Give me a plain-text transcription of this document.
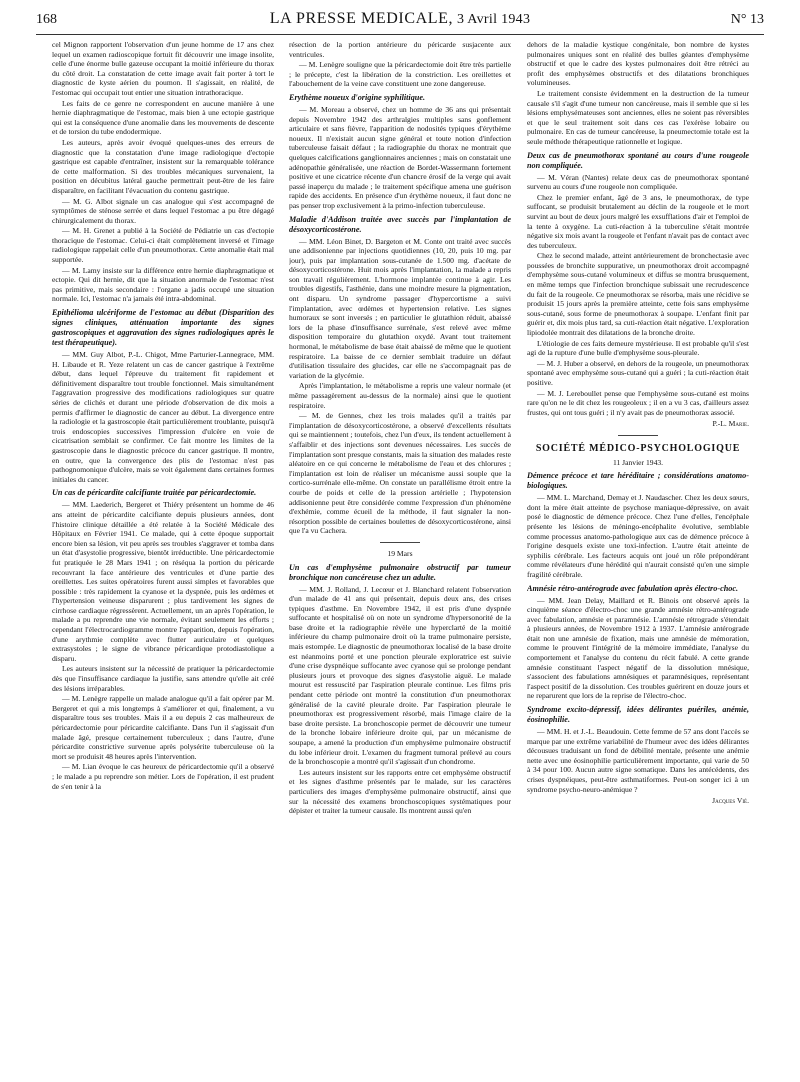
168	LA PRESSE MEDICALE, 3 Avril 1943	N° 13

cel Mignon rapportent l'observation d'un jeune homme de 17 ans chez lequel un examen radioscopique fortuit fit découvrir une image insolite, celle d'une énorme bulle gazeuse occupant la moitié inférieure du thorax du côté droit. La constatation de cette image avait fait porter à tort le diagnostic de kyste aérien du poumon. Il s'agissait, en réalité, de l'estomac qui occupait tout entier une situation intrathoracique.

Les faits de ce genre ne correspondent en aucune manière à une hernie diaphragmatique de l'estomac, mais bien à une ectopie gastrique qui est la conséquence d'une anomalie dans les mouvements de descente et de torsion du tube endodermique.

Les auteurs, après avoir évoqué quelques-unes des erreurs de diagnostic que la constatation d'une image radiologique d'ectopie gastrique est capable d'entraîner, insistent sur la remarquable tolérance de cette malformation. Si des troubles mécaniques survenaient, la position en décubitus latéral gauche permettrait peut-être de les faire disparaître, en facilitant l'évacuation du contenu gastrique.

— M. G. Albot signale un cas analogue qui s'est accompagné de symptômes de sténose serrée et dans lequel l'estomac a pu être dégagé chirurgicalement du thorax.

— M. H. Grenet a publié à la Société de Pédiatrie un cas d'ectopie thoracique de l'estomac. Celui-ci était complètement inversé et l'image radiologique rappelait celle d'un pneumothorax. Cette anomalie était mal supportée.

— M. Lamy insiste sur la différence entre hernie diaphragmatique et ectopie. Qui dit hernie, dit que la situation anormale de l'estomac n'est pas primitive, mais secondaire : l'organe a jadis occupé une situation normale. Ici, l'estomac n'a jamais été intra-abdominal.

Epithélioma ulcériforme de l'estomac au début (Disparition des signes cliniques, atténuation importante des signes gastroscopiques et aggravation des signes radiologiques après le test thérapeutique).

— MM. Guy Albot, P.-L. Chigot, Mme Parturier-Lannegrace, MM. H. Libaude et R. Yeze relatent un cas de cancer gastrique à l'extrême début, dans lequel l'épreuve du traitement fit rapidement et définitivement disparaître tout trouble fonctionnel. Mais simultanément l'aggravation progressive des modifications radiologiques sur quatre séries de clichés et durant une période d'observation de dix mois a permis d'affirmer le diagnostic de cancer au début. La divergence entre la radiologie et la gastroscopie était particulièrement troublante, puisqu'à trois endoscopies successives l'impression d'ulcère en voie de cicatrisation semblait se confirmer. Ce fait montre les limites de la gastroscopie dans le diagnostic précoce du cancer gastrique. Il montre, en outre, que la convergence des plis de l'estomac n'est pas pathognomonique d'ulcère, mais se voit également dans certaines formes initiales du cancer.

Un cas de péricardite calcifiante traitée par péricardectomie.

— MM. Laederich, Bergeret et Thiéry présentent un homme de 46 ans atteint de péricardite calcifiante depuis plusieurs années, dont l'histoire clinique détaillée a été relatée à la Société Médicale des Hôpitaux en Février 1941. Ce malade, qui à cette époque supportait encore bien sa lésion, vit peu après ses troubles s'aggraver et tomba dans un état d'asystolie progressive, bientôt irréductible. Une péricardectomie fut pratiquée le 28 Mars 1941 ; on réséqua la portion du péricarde recouvrant la face antérieure des ventricules et d'une partie des oreillettes. Les suites opératoires furent aussi simples et favorables que possible : très rapidement la cyanose et la dyspnée, puis les œdèmes et l'hypertension veineuse disparurent ; plus tardivement les signes de cirrhose cardiaque régressèrent. Actuellement, un an après l'opération, le malade a pu reprendre une vie normale, évitant seulement les efforts ; cependant l'électrocardiogramme montre l'apparition, depuis l'opération, d'une arythmie complète avec flutter auriculaire et quelques extrasystoles ; le signe de vibrance péricardique protodiastolique a disparu.

Les auteurs insistent sur la nécessité de pratiquer la péricardectomie dès que l'insuffisance cardiaque la justifie, sans attendre qu'elle ait créé des lésions irréparables.

— M. Lenègre rappelle un malade analogue qu'il a fait opérer par M. Bergeret et qui a mis longtemps à s'améliorer et qui, finalement, a vu disparaître tous ses troubles. Mais il a eu depuis 2 cas malheureux de péricardectomie pour péricardite calcifiante. Dans l'un il s'agissait d'un malade âgé, presque certainement tuberculeux ; dans l'autre, d'une péricardite constrictive survenue après polysérite tuberculeuse où la mort se produisit 48 heures après l'intervention.

— M. Lian évoque le cas heureux de péricardectomie qu'il a observé ; le malade a pu reprendre son métier. Lors de l'opération, il est prudent de s'en tenir à la

résection de la portion antérieure du péricarde susjacente aux ventricules.

— M. Lenègre souligne que la péricardectomie doit être très partielle ; le précepte, c'est la libération de la constriction. Les oreillettes et l'abouchement de la veine cave constituent une zone dangereuse.

Erythème noueux d'origine syphilitique.

— M. Moreau a observé, chez un homme de 36 ans qui présentait depuis Novembre 1942 des arthralgies multiples sans gonflement articulaire et sans fièvre, l'apparition de nodosités typiques d'érythème noueux. Il n'existait aucun signe général et toute notion d'infection tuberculeuse faisait défaut ; la radiographie du thorax ne montrait que quelques calcifications ganglionnaires anciennes ; mais on constatait une adénopathie généralisée, une réaction de Bordet-Wassermann fortement positive et une cicatrice récente d'un chancre érosif de la verge qui avait passé inaperçu du malade ; le traitement spécifique amena une guérison rapide des accidents. En présence d'un érythème noueux, il faut donc ne pas penser trop exclusivement à la primo-infection tuberculeuse.

Maladie d'Addison traitée avec succès par l'implantation de désoxycorticostérone.

— MM. Léon Binet, D. Bargeton et M. Conte ont traité avec succès une addisonienne par injections quotidiennes (10, 20, puis 10 mg. par jour), puis par implantation sous-cutanée de 1.500 mg. d'acétate de désoxycorticostérone. Huit mois après l'implantation, la malade a repris son travail régulièrement. L'hormone implantée continue à agir. Les troubles digestifs, l'asthénie, dans une moindre mesure la pigmentation, ont disparu. Un syndrome passager d'hypercortisme a suivi l'implantation, avec œdèmes et hypertension relative. Les signes humoraux se sont inversés ; en particulier le glutathion réduit, abaissé lors de la phase d'insuffisance surrénale, s'est relevé avec même disposition temporaire du glutathion oxydé. Avant tout traitement hormonal, le métabolisme de base était abaissé de même que le quotient respiratoire. La baisse de ce dernier semblait traduire un défaut d'utilisation tissulaire des glucides, car elle ne s'accompagnait pas de variation de la glycémie.

Après l'implantation, le métabolisme a repris une valeur normale (et même passagèrement au-dessus de la normale) ainsi que le quotient respiratoire.

— M. de Gennes, chez les trois malades qu'il a traités par l'implantation de désoxycorticostérone, a observé d'excellents résultats qui se maintiennent ; toutefois, chez l'un d'eux, ils tendent actuellement à s'affaiblir et des injections sont devenues nécessaires. Les succès de l'implantation sont presque constants, mais la situation des malades reste aléatoire en ce qui concerne le métabolisme de l'eau et des chlorures ; l'implantation est loin de réaliser un mécanisme aussi souple que la cortico-surrénale elle-même. On constate un parallélisme étroit entre la courbe de poids et celle de la pression artérielle ; l'hypotension addisonienne peut être considérée comme l'expression d'un phénomène d'exhémie, comme écueil de la méthode, il faut signaler la non-résorption possible de certaines boulettes de désoxycorticostérone, ainsi que l'a vu Cachera.

19 Mars

Un cas d'emphysème pulmonaire obstructif par tumeur bronchique non cancéreuse chez un adulte.

— MM. J. Rolland, J. Lecœur et J. Blanchard relatent l'observation d'un malade de 41 ans qui présentait, depuis deux ans, des crises typiques d'asthme. En Novembre 1942, il est pris d'une dyspnée suffocante et hospitalisé où on note un syndrome d'hypersonorité de la base droite et la radiographie révèle une hyperclarté de la moitié inférieure du champ pulmonaire droit où la trame pulmonaire persiste, mais estompée. Le diagnostic de pneumothorax localisé de la base droite est néanmoins porté et une ponction pleurale exploratrice est suivie d'une crise dyspnéique suffocante avec cyanose qui se prolonge pendant plusieurs jours et provoque des signes d'asystolie aiguë. Le malade mourut est ressuscité par l'aspiration pleurale continue. Les films pris pendant cette période ont montré la constitution d'un pneumothorax généralisé de la cavité pleurale droite. Par l'aspiration pleurale le pneumothorax est progressivement résorbé, mais l'image claire de la base droite persiste. La bronchoscopie permet de découvrir une tumeur de la bronche lobaire inférieure droite qui, par un mécanisme de soupape, a amené la production d'un emphysème pulmonaire obstructif du lobe inférieur droit. L'examen du fragment tumoral prélevé au cours de la bronchoscopie a montré qu'il s'agissait d'un chondrome.

Les auteurs insistent sur les rapports entre cet emphysème obstructif et les signes d'asthme présentés par le malade, sur les caractères particuliers des images d'emphysème pulmonaire obstructif, ainsi que sur la nécessité des examens bronchoscopiques systématiques pour dépister et traiter la tumeur causale. Ils montrent aussi qu'en

dehors de la maladie kystique congénitale, bon nombre de kystes pulmonaires uniques sont en réalité des bulles géantes d'emphysème obstructif et que le cadre des kystes pulmonaires doit être rétréci au profit des emphysèmes obstructifs et des dilatations bronchiques volumineuses.

Le traitement consiste évidemment en la destruction de la tumeur causale s'il s'agit d'une tumeur non cancéreuse, mais il semble que si les lésions emphysémateuses sont anciennes, elles ne soient pas réversibles et que le seul traitement soit dans ces cas l'exérèse lobaire ou pulmonaire. En cas de tumeur cancéreuse, la pneumectomie totale est la seule méthode thérapeutique rationnelle et logique.

Deux cas de pneumothorax spontané au cours d'une rougeole non compliquée.

— M. Véran (Nantes) relate deux cas de pneumothorax spontané survenu au cours d'une rougeole non compliquée.

Chez le premier enfant, âgé de 3 ans, le pneumothorax, de type suffocant, se produisit brutalement au déclin de la rougeole et le mort survint au bout de deux jours malgré les exsufflations d'air et l'emploi de la tente à oxygène. La cuti-réaction à la tuberculine s'était montrée négative six mois avant la rougeole et l'enfant n'avait pas de contact avec des tuberculeux.

Chez le second malade, atteint antérieurement de bronchectasie avec poussées de bronchite suppurative, un pneumothorax droit accompagné d'emphysème sous-cutané volumineux et diffus se montra brusquement, en même temps que l'infection bronchique subissait une recrudescence du fait de la rougeole. Ce pneumothorax se résorba, mais une récidive se produisit 15 jours après la première atteinte, cette fois sans emphysème sous-cutané, sous forme de pneumothorax à soupape. L'enfant finit par guérir et, dix mois plus tard, sa cuti-réaction était négative. L'exploration lipiodolée montrait des dilatations de la bronche droite.

L'étiologie de ces faits demeure mystérieuse. Il est probable qu'il s'est agi de la rupture d'une bulle d'emphysème sous-pleurale.

— M. J. Huber a observé, en dehors de la rougeole, un pneumothorax spontané avec emphysème sous-cutané qui a guéri ; la cuti-réaction était positive.

— M. J. Lereboullet pense que l'emphysème sous-cutané est moins rare qu'on ne le dit chez les rougeoleux ; il en a vu 3 cas, d'ailleurs assez frustes, qui ont tous guéri ; il n'y avait pas de pneumothorax associé.

P.-L. Marie.

SOCIÉTÉ MÉDICO-PSYCHOLOGIQUE

11 Janvier 1943.

Démence précoce et tare héréditaire ; considérations anatomo-biologiques.

— MM. L. Marchand, Demay et J. Naudascher. Chez les deux sœurs, dont la mère était atteinte de psychose maniaque-dépressive, on avait posé le diagnostic de démence précoce. Chez l'une d'elles, l'encéphale présente les lésions de méningo-encéphalite évolutive, semblable comme processus anatomo-pathologique aux cas de démence précoce à l'origine desquels existe une toxi-infection. L'autre était atteinte de syphilis cérébrale. Les facteurs acquis ont joué un rôle prépondérant comme révélateurs d'une hérédité qui n'aurait consisté qu'en une simple fragilité cérébrale.

Amnésie rétro-antérograde avec fabulation après électro-choc.

— MM. Jean Delay, Maillard et R. Binois ont observé après la cinquième séance d'électro-choc une grande amnésie rétro-antérograde avec fabulation, amnésie et paramnésie. L'amnésie rétrograde s'étendait à plusieurs années, de Novembre 1912 à 1937. L'amnésie antérograde était non une amnésie de fixation, mais une amnésie de mémoration, comme le prouvent l'intégrité de la mémoire immédiate, l'analyse du comportement et l'analyse du contenu du récit fabulé. A cette grande amnésie constituant l'aspect négatif de la dissolution mnésique, s'associent des fabulations amnésiques et paramnésiques, représentant l'aspect positif de la dissolution. Ces troubles guérirent en douze jours et ne reparurent que lors de la reprise de l'électro-choc.

Syndrome excito-dépressif, idées délirantes puériles, anémie, éosinophilie.

— MM. H. et J.-L. Beaudouin. Cette femme de 57 ans dont l'accès se marque par une extrême variabilité de l'humeur avec des idées délirantes décousues traduisant un fond de débilité mentale, présente une anémie nette avec une éosinophilie particulièrement importante, qui varie de 50 à 34 pour 100. Aucun autre signe somatique. Dans les antécédents, des crises dyspnéiques, peut-être asthmatiformes. Peut-on songer ici à un syndrome psycho-neuro-anémique ?

Jacques Vié.
